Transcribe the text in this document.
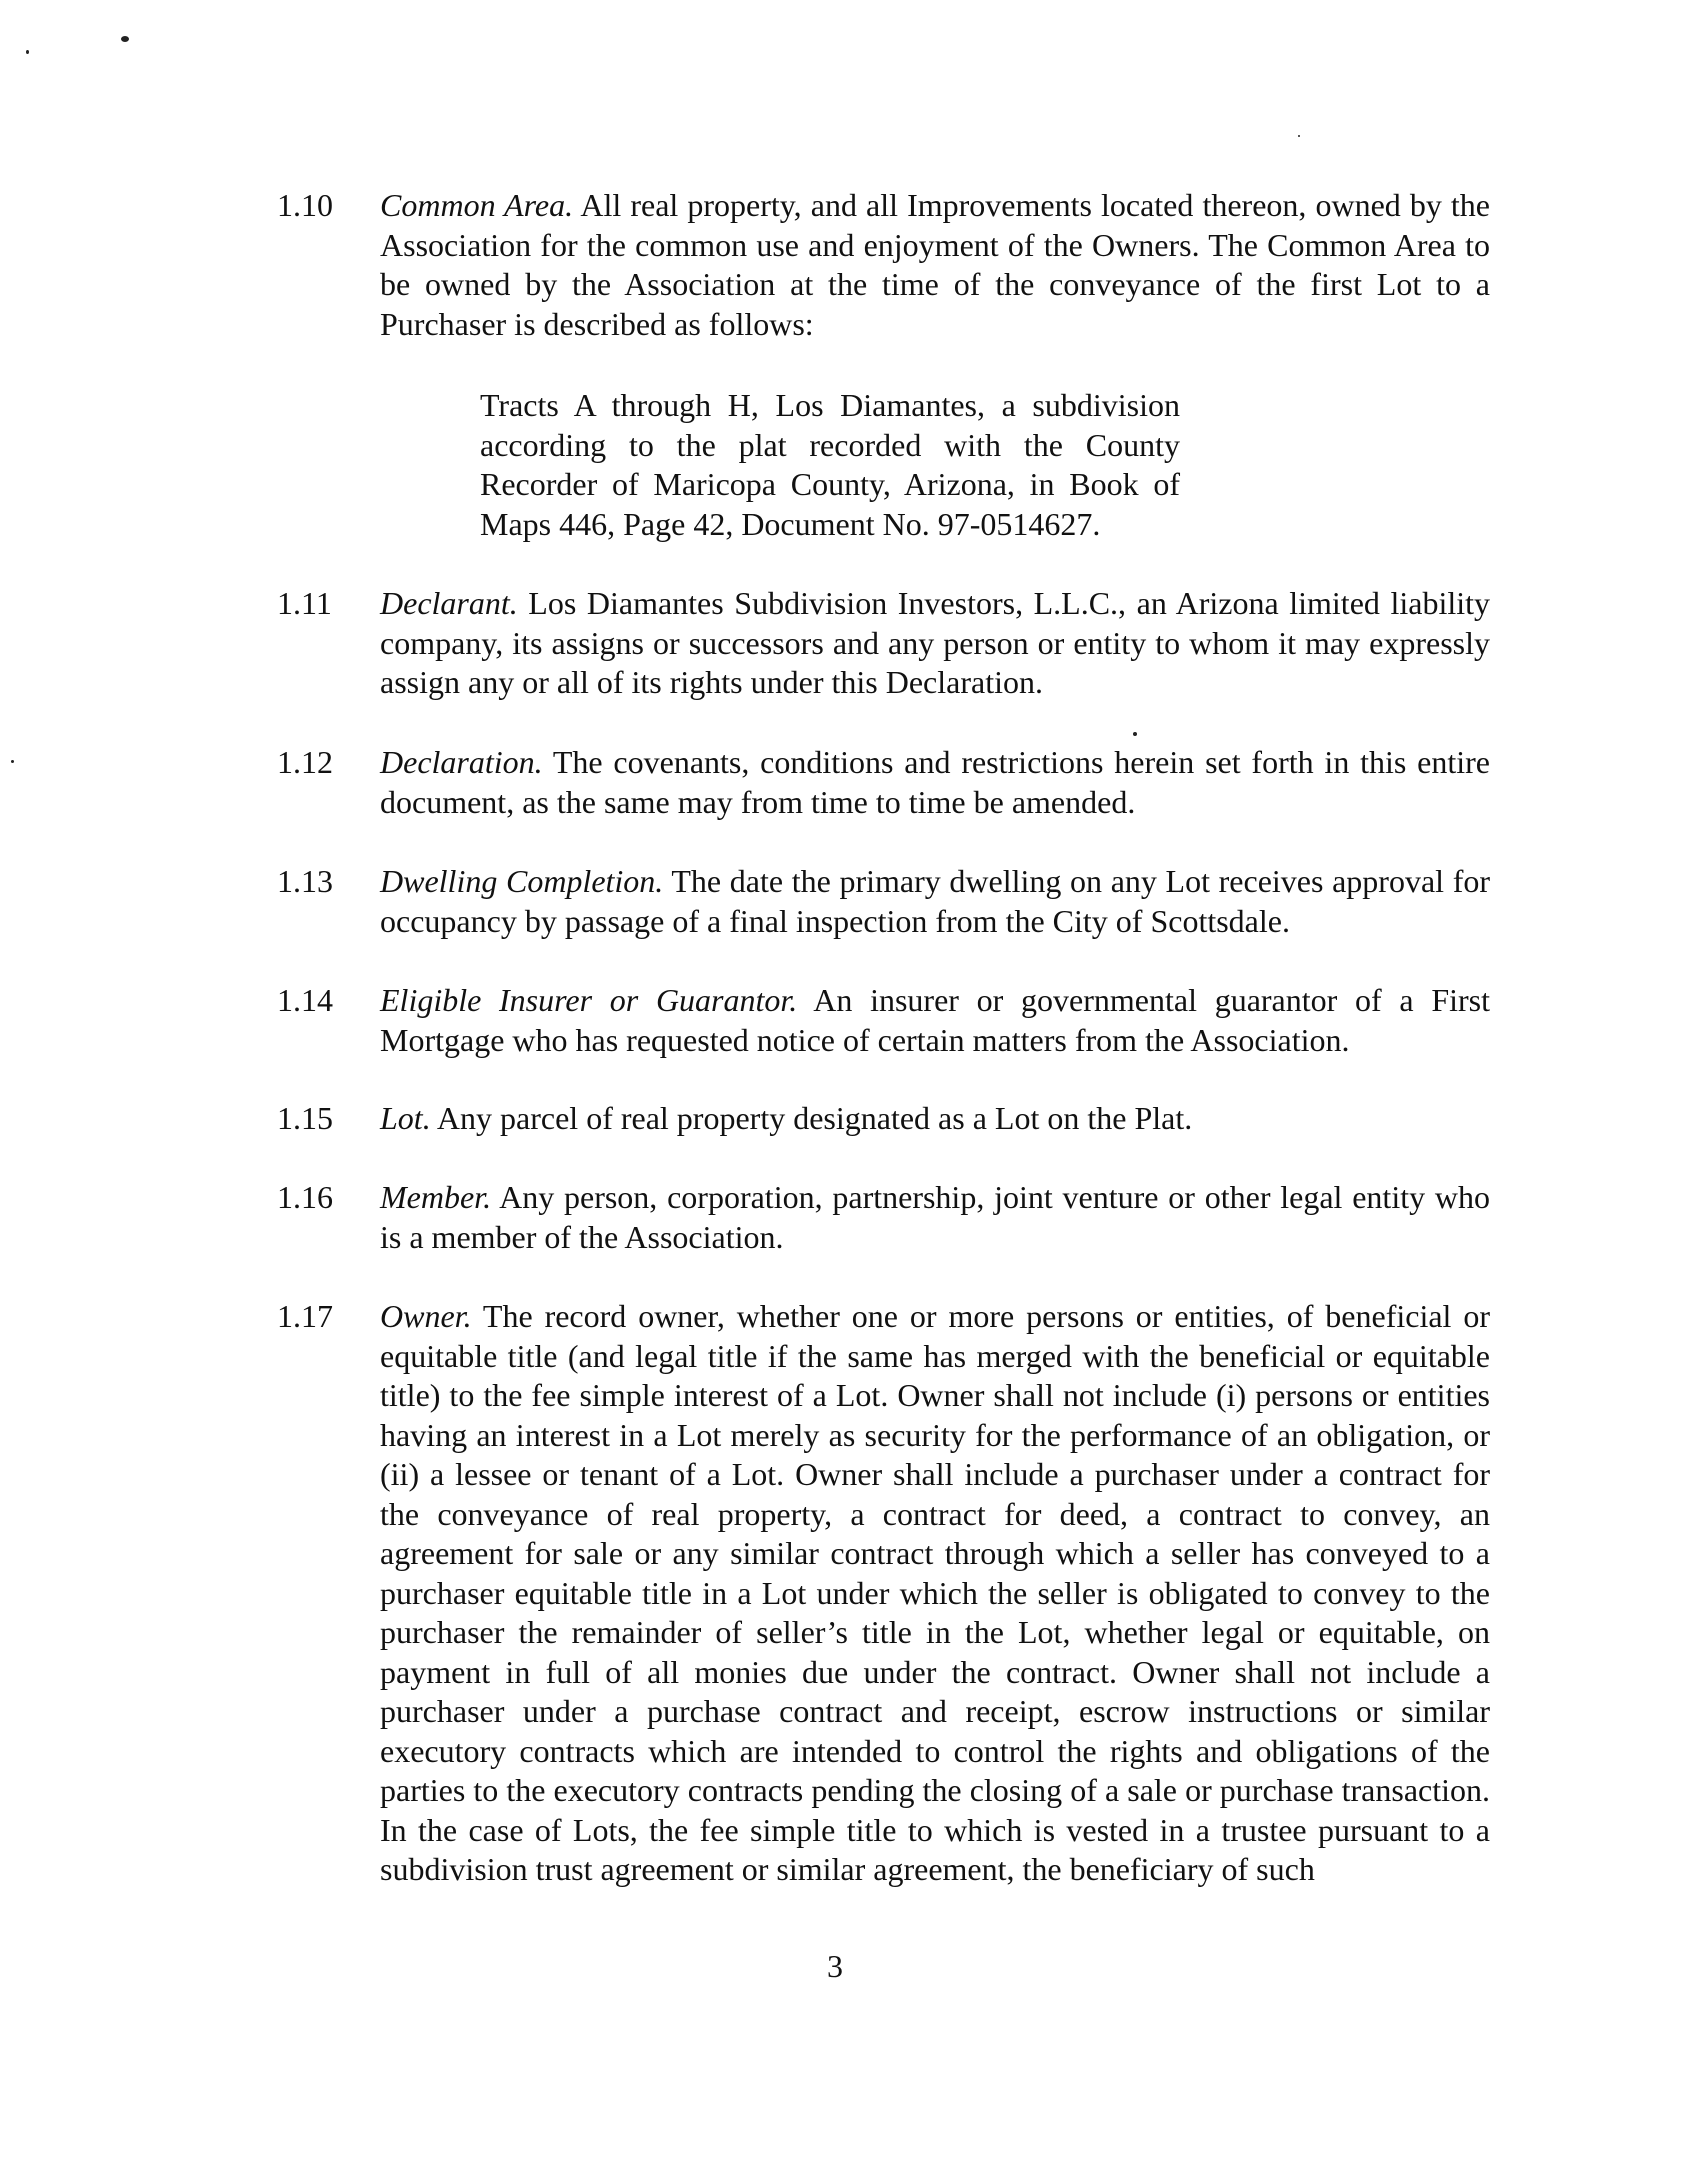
1.10	Common Area. All real property, and all Improvements located thereon, owned by the Association for the common use and enjoyment of the Owners. The Common Area to be owned by the Association at the time of the conveyance of the first Lot to a Purchaser is described as follows:
Tracts A through H, Los Diamantes, a subdivision according to the plat recorded with the County Recorder of Maricopa County, Arizona, in Book of Maps 446, Page 42, Document No. 97-0514627.
1.11	Declarant. Los Diamantes Subdivision Investors, L.L.C., an Arizona limited liability company, its assigns or successors and any person or entity to whom it may expressly assign any or all of its rights under this Declaration.
1.12	Declaration. The covenants, conditions and restrictions herein set forth in this entire document, as the same may from time to time be amended.
1.13	Dwelling Completion. The date the primary dwelling on any Lot receives approval for occupancy by passage of a final inspection from the City of Scottsdale.
1.14	Eligible Insurer or Guarantor. An insurer or governmental guarantor of a First Mortgage who has requested notice of certain matters from the Association.
1.15	Lot. Any parcel of real property designated as a Lot on the Plat.
1.16	Member. Any person, corporation, partnership, joint venture or other legal entity who is a member of the Association.
1.17	Owner. The record owner, whether one or more persons or entities, of beneficial or equitable title (and legal title if the same has merged with the beneficial or equitable title) to the fee simple interest of a Lot. Owner shall not include (i) persons or entities having an interest in a Lot merely as security for the performance of an obligation, or (ii) a lessee or tenant of a Lot. Owner shall include a purchaser under a contract for the conveyance of real property, a contract for deed, a contract to convey, an agreement for sale or any similar contract through which a seller has conveyed to a purchaser equitable title in a Lot under which the seller is obligated to convey to the purchaser the remainder of seller’s title in the Lot, whether legal or equitable, on payment in full of all monies due under the contract. Owner shall not include a purchaser under a purchase contract and receipt, escrow instructions or similar executory contracts which are intended to control the rights and obligations of the parties to the executory contracts pending the closing of a sale or purchase transaction. In the case of Lots, the fee simple title to which is vested in a trustee pursuant to a subdivision trust agreement or similar agreement, the beneficiary of such
3
